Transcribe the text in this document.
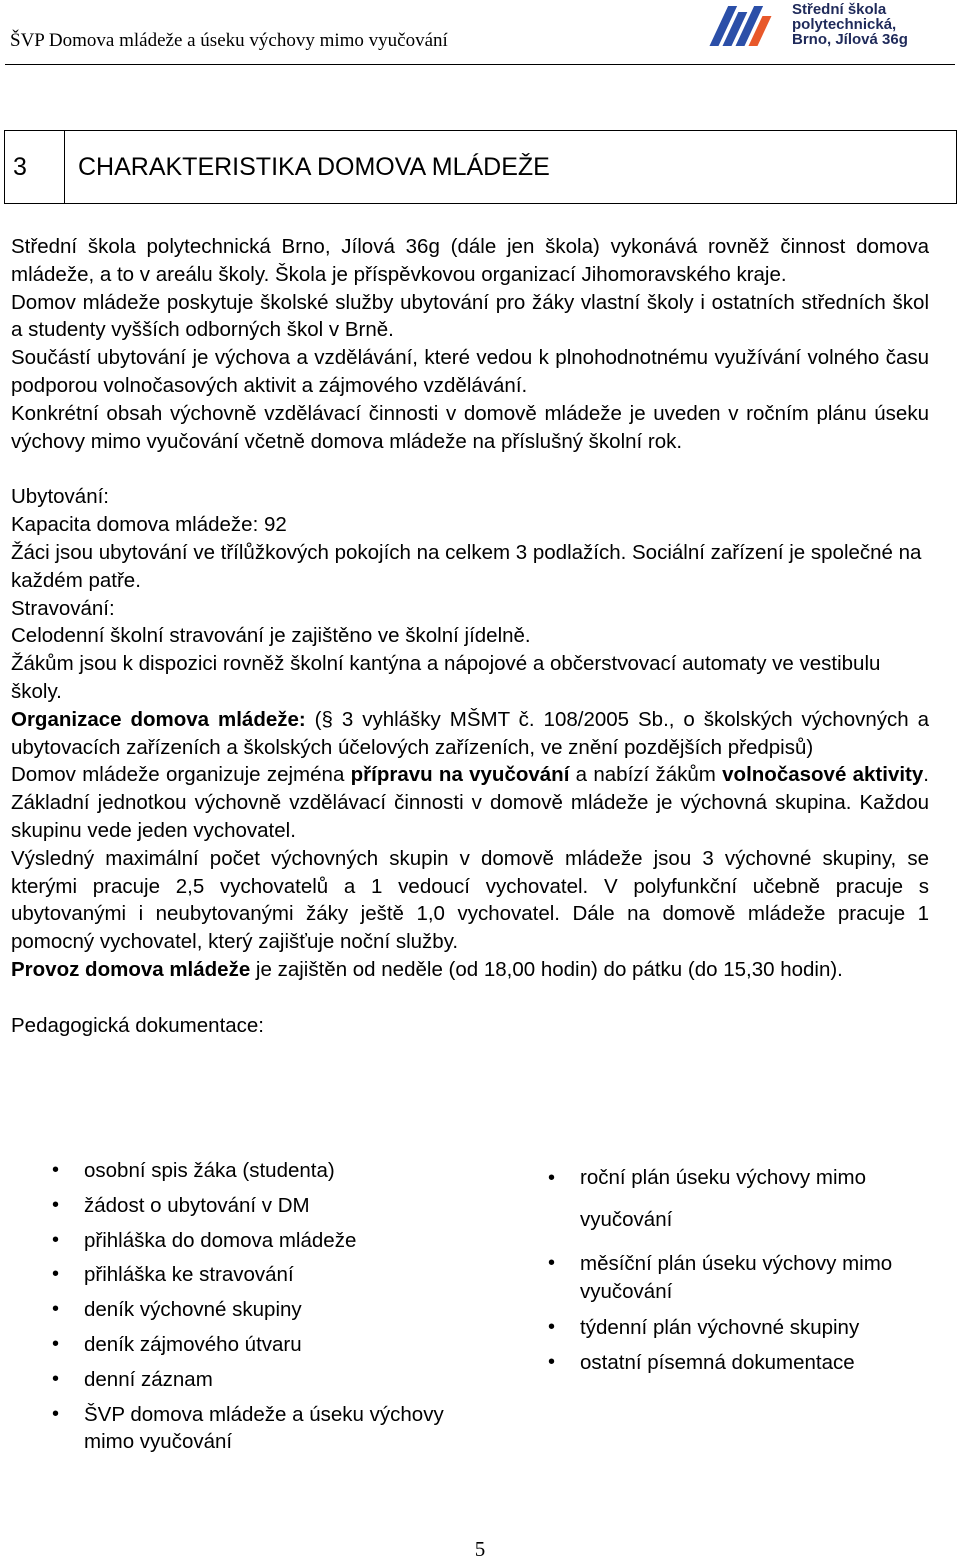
ŠVP Domova mládeže a úseku výchovy mimo vyučování
Střední škola
polytechnická,
Brno, Jílová 36g
3	CHARAKTERISTIKA DOMOVA MLÁDEŽE

Střední škola polytechnická Brno, Jílová 36g (dále jen škola) vykonává rovněž činnost domova mládeže, a to v areálu školy. Škola je příspěvkovou organizací Jihomoravského kraje.

Domov mládeže poskytuje školské služby ubytování pro žáky vlastní školy i ostatních středních škol a studenty vyšších odborných škol v Brně.

Součástí ubytování je výchova a vzdělávání, které vedou k plnohodnotnému využívání volného času podporou volnočasových aktivit a zájmového vzdělávání.

Konkrétní obsah výchovně vzdělávací činnosti v domově mládeže je uveden v ročním plánu úseku výchovy mimo vyučování včetně domova mládeže na příslušný školní rok.

Ubytování:

Kapacita domova mládeže: 92

Žáci jsou ubytování ve třílůžkových pokojích na celkem 3 podlažích. Sociální zařízení je společné na každém patře.

Stravování:

Celodenní školní stravování je zajištěno ve školní jídelně.

Žákům jsou k dispozici rovněž školní kantýna a nápojové a občerstvovací automaty ve vestibulu školy.

Organizace domova mládeže: (§ 3 vyhlášky MŠMT č. 108/2005 Sb., o školských výchovných a ubytovacích zařízeních a školských účelových zařízeních, ve znění pozdějších předpisů)

Domov mládeže organizuje zejména přípravu na vyučování a nabízí žákům volnočasové aktivity. Základní jednotkou výchovně vzdělávací činnosti v domově mládeže je výchovná skupina. Každou skupinu vede jeden vychovatel.

Výsledný maximální počet výchovných skupin v domově mládeže jsou 3 výchovné skupiny, se kterými pracuje 2,5 vychovatelů a 1 vedoucí vychovatel. V polyfunkční učebně pracuje s ubytovanými i neubytovanými žáky ještě 1,0 vychovatel. Dále na domově mládeže pracuje 1 pomocný vychovatel, který zajišťuje noční služby.

Provoz domova mládeže je zajištěn od neděle (od 18,00 hodin) do pátku (do 15,30 hodin).

Pedagogická dokumentace:

• osobní spis žáka (studenta)
• žádost o ubytování v DM
• přihláška do domova mládeže
• přihláška ke stravování
• deník výchovné skupiny
• deník zájmového útvaru
• denní záznam
• ŠVP domova mládeže a úseku výchovy mimo vyučování
• roční plán úseku výchovy mimo vyučování
• měsíční plán úseku výchovy mimo vyučování
• týdenní plán výchovné skupiny
• ostatní písemná dokumentace
5
